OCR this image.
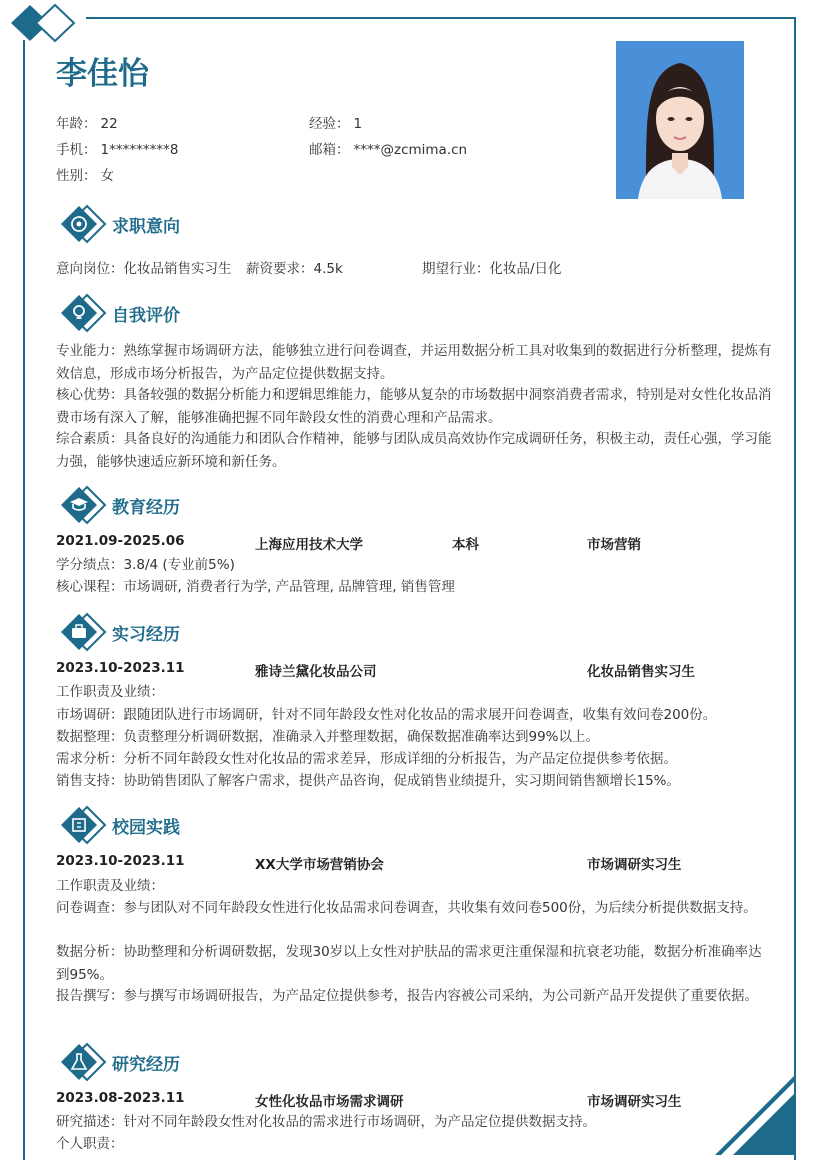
李佳怡
年龄： 22	经验： 1
手机： 1*********8	邮箱： ****@zcmima.cn
性别： 女
求职意向
意向岗位：化妆品销售实习生 薪资要求：4.5k	期望行业：化妆品/日化
自我评价
专业能力：熟练掌握市场调研方法，能够独立进行问卷调查，并运用数据分析工具对收集到的数据进行分析整理，提炼有效信息，形成市场分析报告，为产品定位提供数据支持。
核心优势：具备较强的数据分析能力和逻辑思维能力，能够从复杂的市场数据中洞察消费者需求，特别是对女性化妆品消费市场有深入了解，能够准确把握不同年龄段女性的消费心理和产品需求。
综合素质：具备良好的沟通能力和团队合作精神，能够与团队成员高效协作完成调研任务，积极主动，责任心强，学习能力强，能够快速适应新环境和新任务。
教育经历
2021.09-2025.06	上海应用技术大学	本科	市场营销
学分绩点：3.8/4 (专业前5%)
核心课程：市场调研, 消费者行为学, 产品管理, 品牌管理, 销售管理
实习经历
2023.10-2023.11	雅诗兰黛化妆品公司	化妆品销售实习生
工作职责及业绩：
市场调研：跟随团队进行市场调研，针对不同年龄段女性对化妆品的需求展开问卷调查，收集有效问卷200份。
数据整理：负责整理分析调研数据，准确录入并整理数据，确保数据准确率达到99%以上。
需求分析：分析不同年龄段女性对化妆品的需求差异，形成详细的分析报告，为产品定位提供参考依据。
销售支持：协助销售团队了解客户需求，提供产品咨询，促成销售业绩提升，实习期间销售额增长15%。
校园实践
2023.10-2023.11	XX大学市场营销协会	市场调研实习生
工作职责及业绩：
问卷调查：参与团队对不同年龄段女性进行化妆品需求问卷调查，共收集有效问卷500份，为后续分析提供数据支持。
数据分析：协助整理和分析调研数据，发现30岁以上女性对护肤品的需求更注重保湿和抗衰老功能，数据分析准确率达到95%。
报告撰写：参与撰写市场调研报告，为产品定位提供参考，报告内容被公司采纳，为公司新产品开发提供了重要依据。
研究经历
2023.08-2023.11	女性化妆品市场需求调研	市场调研实习生
研究描述：针对不同年龄段女性对化妆品的需求进行市场调研，为产品定位提供数据支持。
个人职责：
